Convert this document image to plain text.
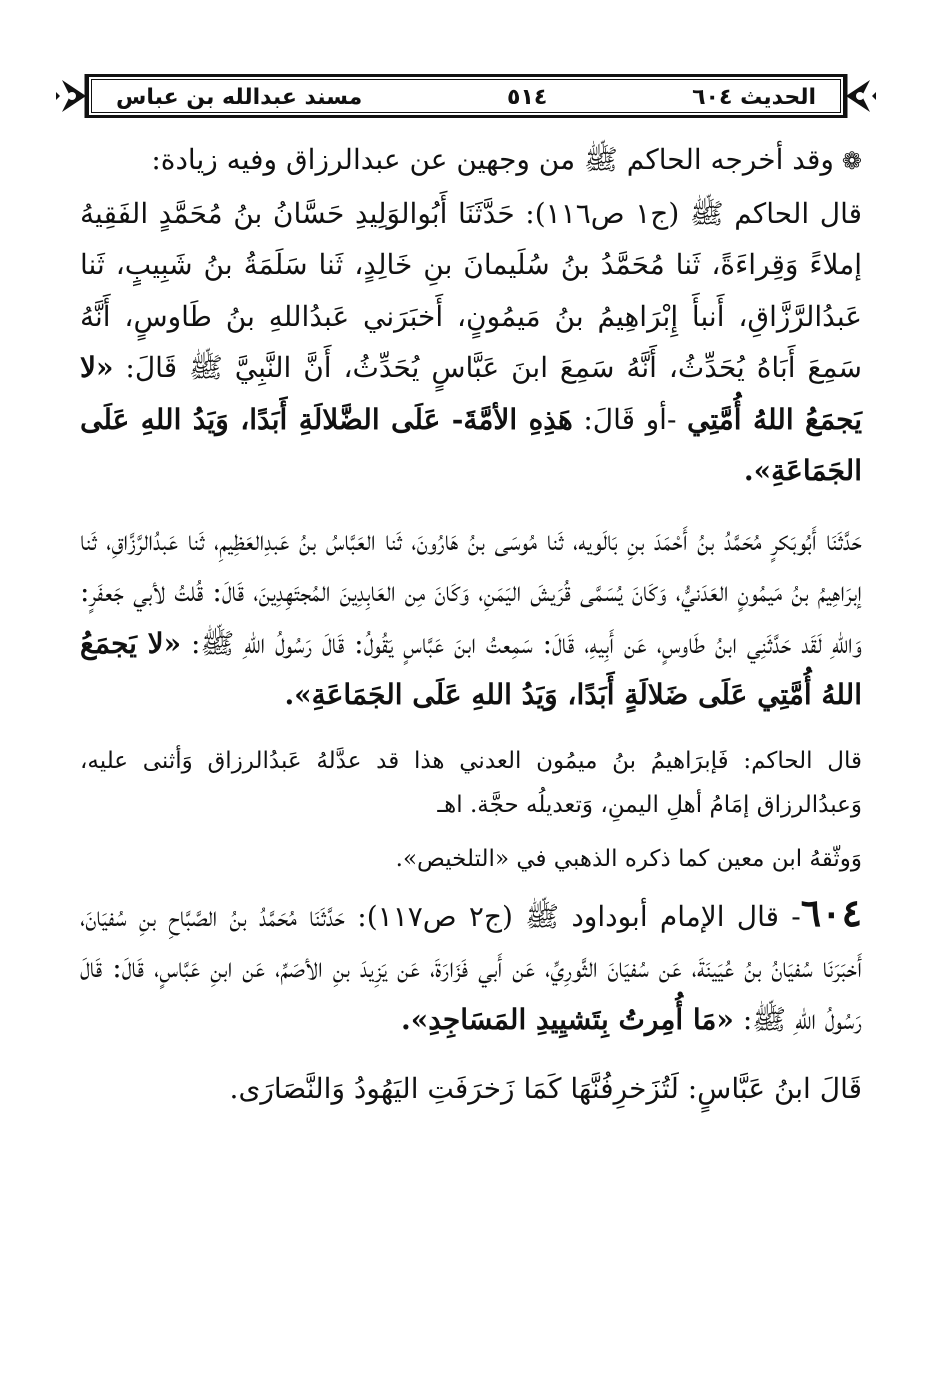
مسند عبدالله بن عباس	٥١٤	الحديث ٦٠٤

❁وقد أخرجه الحاكم ﷺ من وجهين عن عبدالرزاق وفيه زيادة:

قال الحاكم ﷺ (ج١ ص١١٦): حَدَّثَنَا أَبُوالوَلِيدِ حَسَّانُ بنُ مُحَمَّدٍ الفَقِيهُ إملاءً وَقِراءَةً، ثَنا مُحَمَّدُ بنُ سُلَيمانَ بنِ خَالِدٍ، ثَنا سَلَمَةُ بنُ شَبِيبٍ، ثَنا عَبدُالرَّزَّاقِ، أَنبأَ إِبْرَاهِيمُ بنُ مَيمُونٍ، أَخبَرَني عَبدُاللهِ بنُ طَاوسٍ، أَنَّهُ سَمِعَ أَبَاهُ يُحَدِّثُ، أَنَّهُ سَمِعَ ابنَ عَبَّاسٍ يُحَدِّثُ، أَنَّ النَّبِيَّ ﷺ قَالَ: «لا يَجمَعُ اللهُ أُمَّتِي -أو قَالَ: هَذِهِ الأمَّةَ- عَلَى الضَّلالَةِ أَبَدًا، وَيَدُ اللهِ عَلَى الجَمَاعَةِ».

حَدَّثَنَا أَبُوبَكرٍ مُحَمَّدُ بنُ أَحْمَدَ بنِ بَالَويه، ثَنا مُوسَى بنُ هَارُونَ، ثَنا العَبَّاسُ بنُ عَبدِالعَظِيمِ، ثَنا عَبدُالرَّزَّاقِ، ثَنا إبرَاهِيمُ بنُ مَيمُونٍ العَدَنيُّ، وَكَانَ يُسَمَّى قُرَيشَ اليَمَنِ، وَكَانَ مِن العَابِدِينَ المُجتَهِدِينَ، قَالَ: قُلتُ لأبي جَعفَرٍ: وَاللهِ لَقَد حَدَّثَنِي ابنُ طَاوسٍ، عَن أَبِيهِ، قَالَ: سَمِعتُ ابنَ عَبَّاسٍ يَقُولُ: قَالَ رَسُولُ اللهِ ﷺ: «لا يَجمَعُ اللهُ أُمَّتِي عَلَى ضَلالَةٍ أَبَدًا، وَيَدُ اللهِ عَلَى الجَمَاعَةِ».

قال الحاكم: فَإبرَاهيمُ بنُ ميمُون العدني هذا قد عدَّلهُ عَبدُالرزاق وَأثنى عليه، وَعبدُالرزاق إمَامُ أهلِ اليمنِ، وَتعديلُه حجَّة. اهـ

وَوثّقهُ ابن معين كما ذكره الذهبي في «التلخيص».

٦٠٤- قال الإمام أبوداود ﷺ (ج٢ ص١١٧): حَدَّثَنَا مُحَمَّدُ بنُ الصَّبَّاحِ بنِ سُفيَانَ، أَخبَرَنَا سُفيَانُ بنُ عُيَينَةَ، عَن سُفيَانَ الثَّورِيِّ، عَن أَبي فَزَارَةَ، عَن يَزِيدَ بنِ الأصَمِّ، عَن ابنِ عَبَّاسٍ، قَالَ: قَالَ رَسُولُ اللهِ ﷺ: «مَا أُمِرتُ بِتَشيِيدِ المَسَاجِدِ».

قَالَ ابنُ عَبَّاسٍ: لَتُزَخرِفُنَّهَا كَمَا زَخرَفَتِ اليَهُودُ وَالنَّصَارَى.
